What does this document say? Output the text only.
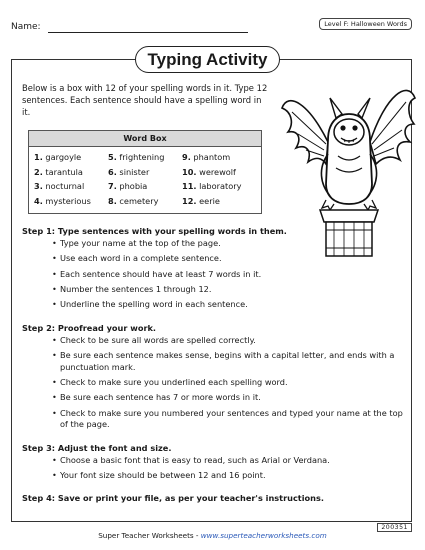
Name:	Level F: Halloween Words
Typing Activity
Below is a box with 12 of your spelling words in it. Type 12 sentences. Each sentence should have a spelling word in it.
Word Box
1. gargoyle	5. frightening	9. phantom
2. tarantula	6. sinister	10. werewolf
3. nocturnal	7. phobia	11. laboratory
4. mysterious	8. cemetery	12. eerie
Step 1: Type sentences with your spelling words in them.
• Type your name at the top of the page.
• Use each word in a complete sentence.
• Each sentence should have at least 7 words in it.
• Number the sentences 1 through 12.
• Underline the spelling word in each sentence.
Step 2: Proofread your work.
• Check to be sure all words are spelled correctly.
• Be sure each sentence makes sense, begins with a capital letter, and ends with a punctuation mark.
• Check to make sure you underlined each spelling word.
• Be sure each sentence has 7 or more words in it.
• Check to make sure you numbered your sentences and typed your name at the top of the page.
Step 3: Adjust the font and size.
• Choose a basic font that is easy to read, such as Arial or Verdana.
• Your font size should be between 12 and 16 point.
Step 4: Save or print your file, as per your teacher's instructions.
Super Teacher Worksheets - www.superteacherworksheets.com
200351
